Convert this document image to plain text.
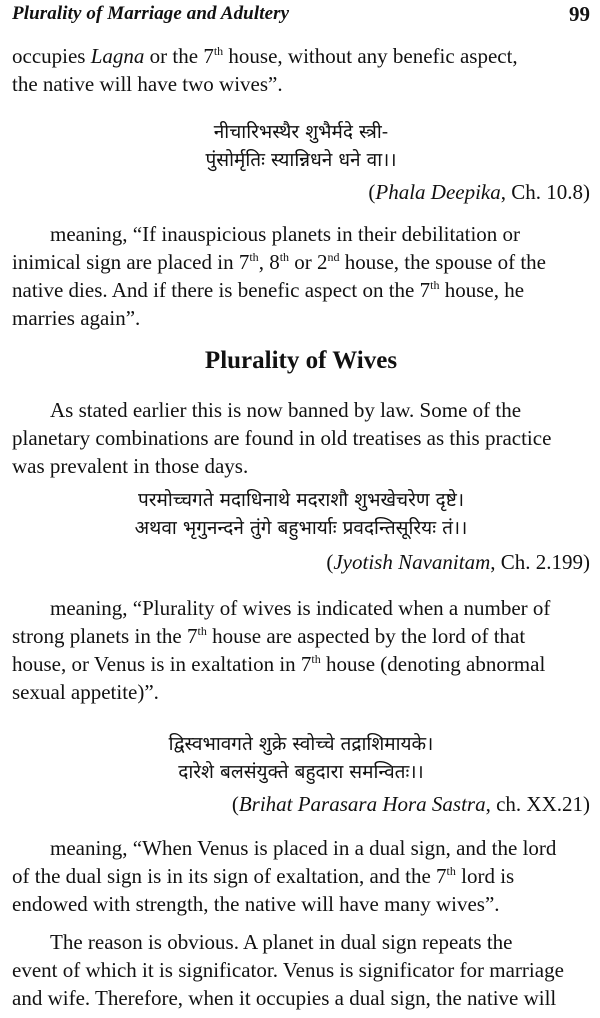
Plurality of Marriage and Adultery	99

occupies Lagna or the 7th house, without any benefic aspect,

the native will have two wives”.

नीचारिभस्थैर शुभैर्मदे स्त्री-

पुंसोर्मृतिः स्यान्निधने धने वा।।

(Phala Deepika, Ch. 10.8)

meaning, “If inauspicious planets in their debilitation or

inimical sign are placed in 7th, 8th or 2nd house, the spouse of the

native dies. And if there is benefic aspect on the 7th house, he

marries again”.

Plurality of Wives

As stated earlier this is now banned by law. Some of the

planetary combinations are found in old treatises as this practice

was prevalent in those days.

परमोच्चगते मदाधिनाथे मदराशौ शुभखेचरेण दृष्टे।

अथवा भृगुनन्दने तुंगे बहुभार्याः प्रवदन्तिसूरियः तं।।

(Jyotish Navanitam, Ch. 2.199)

meaning, “Plurality of wives is indicated when a number of

strong planets in the 7th house are aspected by the lord of that

house, or Venus is in exaltation in 7th house (denoting abnormal

sexual appetite)”.

द्विस्वभावगते शुक्रे स्वोच्चे तद्राशिमायके।

दारेशे बलसंयुक्ते बहुदारा समन्वितः।।

(Brihat Parasara Hora Sastra, ch. XX.21)

meaning, “When Venus is placed in a dual sign, and the lord

of the dual sign is in its sign of exaltation, and the 7th lord is

endowed with strength, the native will have many wives”.

The reason is obvious. A planet in dual sign repeats the

event of which it is significator. Venus is significator for marriage

and wife. Therefore, when it occupies a dual sign, the native will
